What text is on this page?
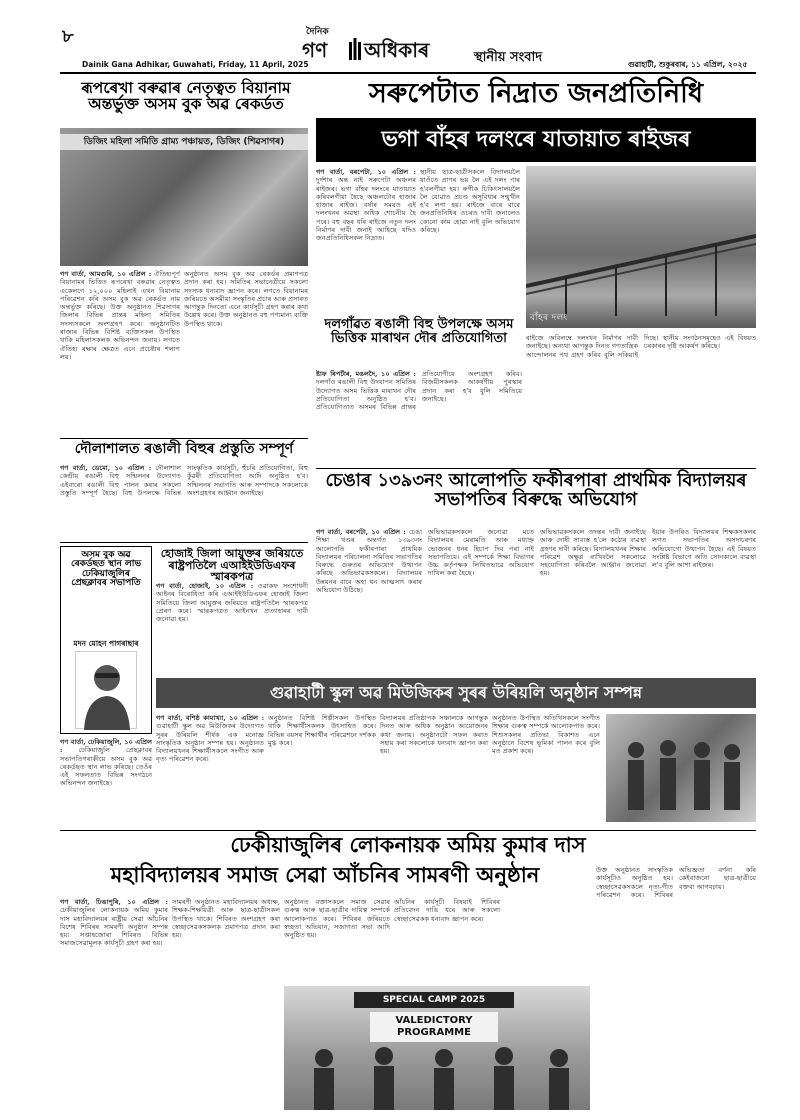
৮
Dainik Gana Adhikar, Guwahati, Friday, 11 April, 2025
দৈনিক
গণ অধিকাৰ	স্থানীয় সংবাদ	গুৱাহাটী, শুকুৰবাৰ, ১১ এপ্ৰিল, ২০২৫
ৰূপৰেখা বৰুৱাৰ নেতৃত্বত বিয়ানাম অন্তৰ্ভুক্ত অসম বুক অৱ ৰেকৰ্ডত
ডিজিং মহিলা সমিতি গ্ৰাম্য পঞ্চায়ত, ডিজিং (শিৱসাগৰ)
গণ বাৰ্তা, আমগুৰি, ১০ এপ্ৰিল : ঐতিহ্যপূৰ্ণ বিয়ানামৰ ভিত্তিত ৰূপৰেখা বৰুৱাৰ নেতৃত্বত একেলগে ১২,০০০ মহিলাই এখন বিয়ানাম পৰিৱেশন কৰি অসম বুক অৱ ৰেকৰ্ডত নাম অন্তৰ্ভুক্ত কৰিছে। উক্ত অনুষ্ঠানত শিৱসাগৰ জিলাৰ বিভিন্ন প্ৰান্তৰ মহিলা সমিতিৰ সদস্যসকলে অংশগ্ৰহণ কৰে। অনুষ্ঠানটিত ৰাজ্যৰ বিভিন্ন বিশিষ্ট ব্যক্তিসকল উপস্থিত থাকি মহিলাসকলক অভিনন্দন জনায়। লগতে ঐতিহ্য ৰক্ষাৰ ক্ষেত্ৰত এনে প্ৰচেষ্টাৰ শলাগ লয়।
অনুষ্ঠানত অসম বুক অৱ ৰেকৰ্ডৰ প্ৰমাণপত্ৰ প্ৰদান কৰা হয়। সমিতিৰ সভানেত্ৰীয়ে সকলো সদস্যক ধন্যবাদ জ্ঞাপন কৰে। লগতে বিয়ানামৰ জৰিয়তে অসমীয়া সংস্কৃতিৰ প্ৰচাৰ আৰু প্ৰসাৰত আগন্তুক দিনতো এনে কাৰ্যসূচী গ্ৰহণ কৰাৰ কথা উল্লেখ কৰে। উক্ত অনুষ্ঠানত বহু গণ্যমান্য ব্যক্তি উপস্থিত থাকে।
দৌলাশালত ৰঙালী বিহুৰ প্ৰস্তুতি সম্পূৰ্ণ
গণ বাৰ্তা, ডেমো, ১০ এপ্ৰিল : দৌলাশাল কেন্দ্ৰীয় ৰঙালী বিহু সন্মিলনৰ উদ্যোগত এইবাৰো ৰঙালী বিহু পালন কৰাৰ সকলো প্ৰস্তুতি সম্পূৰ্ণ হৈছে। বিহু উপলক্ষে বিভিন্ন সাংস্কৃতিক কাৰ্যসূচী, হুঁচৰি প্ৰতিযোগিতা, বিহু কুঁৱৰী প্ৰতিযোগিতা আদি অনুষ্ঠিত হ'ব। সন্মিলনৰ সভাপতি আৰু সম্পাদকে সকলোকে অংশগ্ৰহণৰ আহ্বান জনাইছে।
অসম বুক অৱ ৰেকৰ্ডছত স্থান লাভ ঢেকিয়াজুলিৰ প্ৰেছক্লাবৰ সভাপতি
মদন মোহন পাগৰাছাৰ
গণ বাৰ্তা, ঢেকিয়াজুলি, ১০ এপ্ৰিল : ঢেকিয়াজুলি প্ৰেছক্লাবৰ সভাপতিগৰাকীয়ে অসম বুক অৱ ৰেকৰ্ডছত স্থান লাভ কৰিছে। তেওঁৰ এই সফলতাত বিভিন্ন সংগঠনে অভিনন্দন জনাইছে।
হোজাই জিলা আয়ুক্তৰ জৰিয়তে ৰাষ্ট্ৰপতিলৈ এআইইউডিএফৰ স্মাৰকপত্ৰ
গণ বাৰ্তা, হোজাই, ১০ এপ্ৰিল : ওৱাকফ সংশোধনী আইনৰ বিৰোধিতা কৰি এআইইউডিএফৰ হোজাই জিলা সমিতিয়ে জিলা আয়ুক্তৰ জৰিয়তে ৰাষ্ট্ৰপতিলৈ স্মাৰকপত্ৰ প্ৰেৰণ কৰে। স্মাৰকপত্ৰত আইনখন প্ৰত্যাহাৰৰ দাবী জনোৱা হয়।
সৰুপেটাত নিদ্ৰাত জনপ্ৰতিনিধি
ভগা বাঁহৰ দলংৰে যাতায়াত ৰাইজৰ
গণ বাৰ্তা, বৰপেটা, ১০ এপ্ৰিল : দুৰ্দশাৰ অন্ত নাই সৰুপেটা অঞ্চলৰ ৰাইজৰ। ভগা বাঁহৰ দলংৰে যাতায়াত কৰিবলগীয়া হৈছে অঞ্চলটোৰ হাজাৰ হাজাৰ ৰাইজ। বৰ্ষাৰ সময়ত এই দলংখনৰ অৱস্থা অধিক শোচনীয় হৈ পৰে। বহু বছৰ ধৰি ৰাইজে নতুন দলং নিৰ্মাণৰ দাবী জনাই আহিছে যদিও জনপ্ৰতিনিধিসকল নিদ্ৰাত।
স্থানীয় ছাত্ৰ-ছাত্ৰীসকলে বিদ্যালয়লৈ যাওঁতে প্ৰাণৰ ভয় লৈ এই দলং পাৰ হ'বলগীয়া হয়। ৰুগীক চিকিৎসালয়লৈ লৈ যোৱাত প্ৰচণ্ড অসুবিধাৰ সন্মুখীন হ'ব লগা হয়। ৰাইজে বাৰে বাৰে জনপ্ৰতিনিধিৰ ওচৰত দাবী জনালেও কোনো কাম হোৱা নাই বুলি অভিযোগ কৰিছে।
বাঁহৰ দলং
ৰাইজে অবিলম্বে দলংখন নিৰ্মাণৰ দাবী জনাইছে। অন্যথা আগন্তুক দিনত গণতান্ত্ৰিক আন্দোলনৰ পথ গ্ৰহণ কৰিব বুলি সকিয়াই দিছে। স্থানীয় সংগঠনসমূহেও এই বিষয়ত চৰকাৰৰ দৃষ্টি আকৰ্ষণ কৰিছে।
দলগাঁৱত ৰঙালী বিহু উপলক্ষে অসম ভিত্তিক মাৰাথন দৌৰ প্ৰতিযোগিতা
ষ্টাফ ৰিপৰ্টাৰ, মঙলদৈ, ১০ এপ্ৰিল : দলগাঁও ৰঙালী বিহু উদযাপন সমিতিৰ উদ্যোগত অসম ভিত্তিক মাৰাথন দৌৰ প্ৰতিযোগিতা অনুষ্ঠিত হ'ব। প্ৰতিযোগিতাত অসমৰ বিভিন্ন প্ৰান্তৰ প্ৰতিযোগীয়ে অংশগ্ৰহণ কৰিব। বিজয়ীসকলক আকৰ্ষণীয় পুৰস্কাৰ প্ৰদান কৰা হ'ব বুলি সমিতিয়ে জনাইছে।
চেঙাৰ ১৩৯৩নং আলোপতি ফকীৰপাৰা প্ৰাথমিক বিদ্যালয়ৰ সভাপতিৰ বিৰুদ্ধে অভিযোগ
গণ বাৰ্তা, বৰপেটা, ১০ এপ্ৰিল : চেঙা শিক্ষা খণ্ডৰ অন্তৰ্গত ১৩৯৩নং আলোপতি ফকীৰপাৰা প্ৰাথমিক বিদ্যালয়ৰ পৰিচালনা সমিতিৰ সভাপতিৰ বিৰুদ্ধে গুৰুতৰ অভিযোগ উত্থাপন কৰিছে অভিভাৱকসকলে। বিদ্যালয়ৰ উন্নয়নৰ বাবে অহা ধন আত্মসাৎ কৰাৰ অভিযোগ উঠিছে।
অভিভাৱকসকলে জনোৱা মতে বিদ্যালয়ৰ মেৰামতি আৰু মধ্যাহ্ন ভোজনৰ ধনৰ হিচাপ দিব পৰা নাই সভাপতিয়ে। এই সম্পৰ্কে শিক্ষা বিভাগৰ উচ্চ কৰ্তৃপক্ষক লিখিতভাৱে অভিযোগ দাখিল কৰা হৈছে।
অভিভাৱকসকলে তদন্তৰ দাবী জনাইছে আৰু দোষী সাব্যস্ত হ'লে কঠোৰ ব্যৱস্থা গ্ৰহণৰ দাবী কৰিছে। বিদ্যালয়খনৰ শিক্ষাৰ পৰিৱেশ অক্ষুণ্ণ ৰাখিবলৈ সকলোৱে সহযোগিতা কৰিবলৈ আহ্বান জনোৱা হয়।
ইয়াৰ উপৰিও বিদ্যালয়ৰ শিক্ষকসকলৰ লগত সভাপতিৰ অসদাচৰণৰ অভিযোগো উত্থাপন হৈছে। এই বিষয়ত সংশ্লিষ্ট বিভাগে অতি সোনকালে ব্যৱস্থা ল'ব বুলি আশা ৰাইজৰ।
গুৱাহাটী স্কুল অৱ মিউজিকৰ সুৰৰ উৰিয়লি অনুষ্ঠান সম্পন্ন
গণ বাৰ্তা, বশিষ্ঠ কামাখ্যা, ১০ এপ্ৰিল : গুৱাহাটী স্কুল অৱ মিউজিকৰ উদ্যোগত সুৰৰ উৰিয়লি শীৰ্ষক এক মনোজ্ঞ সাংস্কৃতিক অনুষ্ঠান সম্পন্ন হয়। অনুষ্ঠানত বিদ্যালয়খনৰ শিক্ষাৰ্থীসকলে সংগীত আৰু নৃত্য পৰিৱেশন কৰে।
অনুষ্ঠানত বিশিষ্ট শিল্পীসকল উপস্থিত থাকি শিক্ষাৰ্থীসকলক উৎসাহিত কৰে। বিভিন্ন বয়সৰ শিক্ষাৰ্থীৰ পৰিৱেশনে দৰ্শকক মুগ্ধ কৰে।
বিদ্যালয়ৰ প্ৰতিষ্ঠাপক সঞ্চালকে আগন্তুক দিনত আৰু অধিক অনুষ্ঠান আয়োজনৰ কথা জনায়। অনুষ্ঠানটো সফল কৰাত সহায় কৰা সকলোকে ধন্যবাদ জ্ঞাপন কৰা হয়।
অনুষ্ঠানত উপস্থিত অতিথিসকলে সংগীত শিক্ষাৰ গুৰুত্ব সম্পৰ্কে আলোকপাত কৰে। শিশুসকলৰ প্ৰতিভা বিকাশত এনে অনুষ্ঠানে বিশেষ ভূমিকা পালন কৰে বুলি মত প্ৰকাশ কৰে।
ঢেকীয়াজুলিৰ লোকনায়ক অমিয় কুমাৰ দাস
মহাবিদ্যালয়ৰ সমাজ সেৱা আঁচনিৰ সামৰণী অনুষ্ঠান
গণ বাৰ্তা, ঢিঙাপুৰি, ১০ এপ্ৰিল : ঢেকীয়াজুলিৰ লোকনায়ক অমিয় কুমাৰ দাস মহাবিদ্যালয়ৰ ৰাষ্ট্ৰীয় সেৱা আঁচনিৰ বিশেষ শিবিৰৰ সামৰণী অনুষ্ঠান সম্পন্ন হয়। সপ্তাহজোৰা শিবিৰত বিভিন্ন সমাজসেৱামূলক কাৰ্যসূচী গ্ৰহণ কৰা হয়।
সামৰণী অনুষ্ঠানত মহাবিদ্যালয়ৰ অধ্যক্ষ, শিক্ষক-শিক্ষয়িত্ৰী আৰু ছাত্ৰ-ছাত্ৰীসকল উপস্থিত থাকে। শিবিৰত অংশগ্ৰহণ কৰা স্বেচ্ছাসেৱকসকলক প্ৰমাণপত্ৰ প্ৰদান কৰা হয়।
অনুষ্ঠানত বক্তাসকলে সমাজ সেৱাৰ গুৰুত্ব আৰু ছাত্ৰ-ছাত্ৰীৰ দায়িত্ব সম্পৰ্কে আলোকপাত কৰে। শিবিৰৰ জৰিয়তে স্বচ্ছতা অভিযান, সজাগতা সভা আদি অনুষ্ঠিত হয়।
আঁচনিৰ কাৰ্যসূচী বিষয়াই শিবিৰৰ প্ৰতিবেদন দাঙি ধৰে আৰু সকলো স্বেচ্ছাসেৱকক ধন্যবাদ জ্ঞাপন কৰে।
SPECIAL CAMP 2025
VALEDICTORY PROGRAMME
উক্ত অনুষ্ঠানত সাংস্কৃতিক কাৰ্যসূচীও অনুষ্ঠিত হয়। স্বেচ্ছাসেৱকসকলে নৃত্য-গীত পৰিৱেশন কৰে। শিবিৰৰ অভিজ্ঞতা বৰ্ণনা কৰি কেইবাজনো ছাত্ৰ-ছাত্ৰীয়ে বক্তব্য আগবঢ়ায়।
